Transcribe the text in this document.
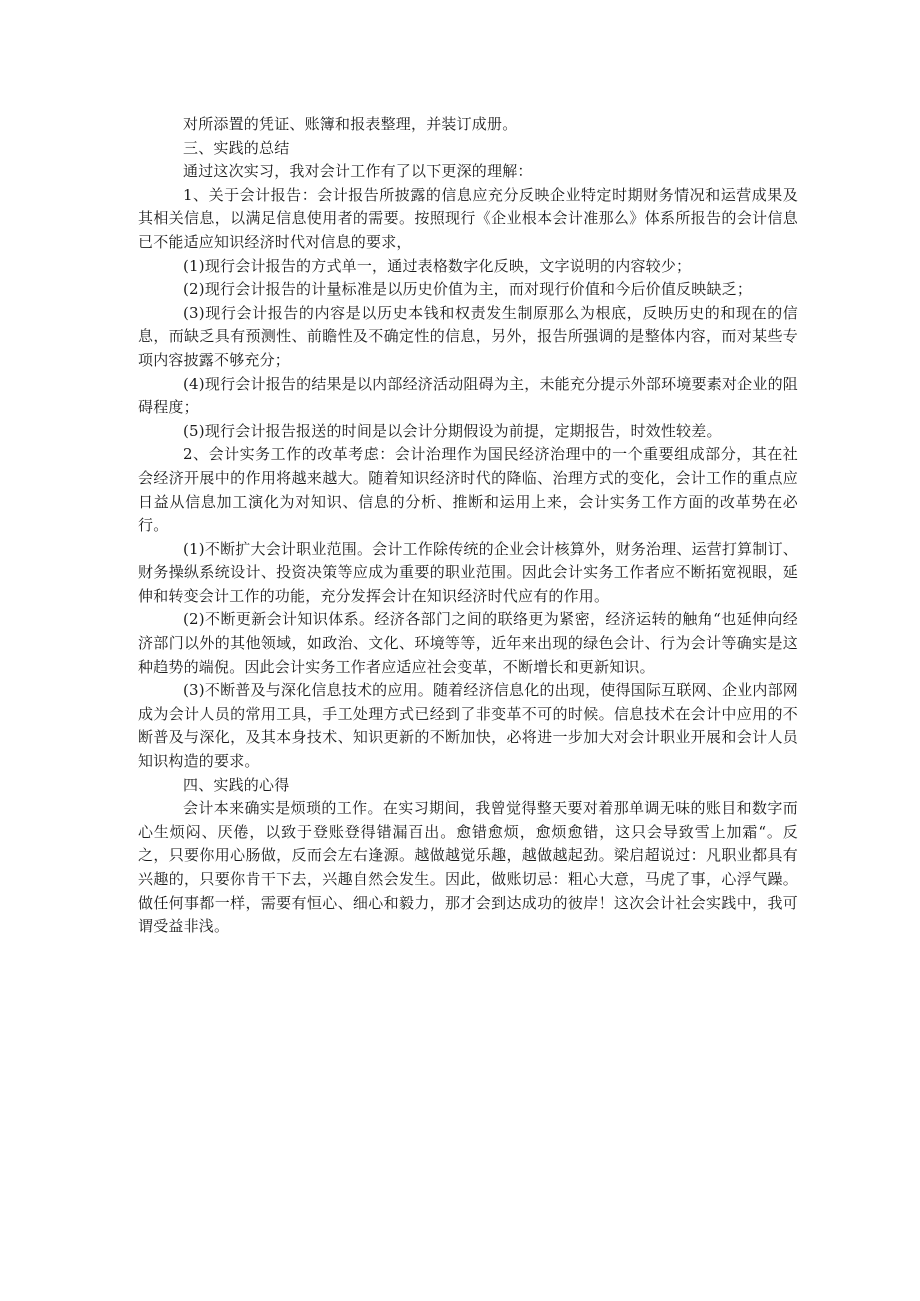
对所添置的凭证、账簿和报表整理，并装订成册。

三、实践的总结

通过这次实习，我对会计工作有了以下更深的理解：

1、关于会计报告：会计报告所披露的信息应充分反映企业特定时期财务情况和运营成果及其相关信息，以满足信息使用者的需要。按照现行《企业根本会计准那么》体系所报告的会计信息已不能适应知识经济时代对信息的要求，

(1)现行会计报告的方式单一，通过表格数字化反映，文字说明的内容较少；

(2)现行会计报告的计量标准是以历史价值为主，而对现行价值和今后价值反映缺乏；

(3)现行会计报告的内容是以历史本钱和权责发生制原那么为根底，反映历史的和现在的信息，而缺乏具有预测性、前瞻性及不确定性的信息，另外，报告所强调的是整体内容，而对某些专项内容披露不够充分；

(4)现行会计报告的结果是以内部经济活动阻碍为主，未能充分提示外部环境要素对企业的阻碍程度；

(5)现行会计报告报送的时间是以会计分期假设为前提，定期报告，时效性较差。

2、会计实务工作的改革考虑：会计治理作为国民经济治理中的一个重要组成部分，其在社会经济开展中的作用将越来越大。随着知识经济时代的降临、治理方式的变化，会计工作的重点应日益从信息加工演化为对知识、信息的分析、推断和运用上来，会计实务工作方面的改革势在必行。

(1)不断扩大会计职业范围。会计工作除传统的企业会计核算外，财务治理、运营打算制订、财务操纵系统设计、投资决策等应成为重要的职业范围。因此会计实务工作者应不断拓宽视眼，延伸和转变会计工作的功能，充分发挥会计在知识经济时代应有的作用。

(2)不断更新会计知识体系。经济各部门之间的联络更为紧密，经济运转的触角“也延伸向经济部门以外的其他领域，如政治、文化、环境等等，近年来出现的绿色会计、行为会计等确实是这种趋势的端倪。因此会计实务工作者应适应社会变革，不断增长和更新知识。

(3)不断普及与深化信息技术的应用。随着经济信息化的出现，使得国际互联网、企业内部网成为会计人员的常用工具，手工处理方式已经到了非变革不可的时候。信息技术在会计中应用的不断普及与深化，及其本身技术、知识更新的不断加快，必将进一步加大对会计职业开展和会计人员知识构造的要求。

四、实践的心得

会计本来确实是烦琐的工作。在实习期间，我曾觉得整天要对着那单调无味的账目和数字而心生烦闷、厌倦，以致于登账登得错漏百出。愈错愈烦，愈烦愈错，这只会导致雪上加霜“。反之，只要你用心肠做，反而会左右逢源。越做越觉乐趣，越做越起劲。梁启超说过：凡职业都具有兴趣的，只要你肯干下去，兴趣自然会发生。因此，做账切忌：粗心大意，马虎了事，心浮气躁。做任何事都一样，需要有恒心、细心和毅力，那才会到达成功的彼岸！这次会计社会实践中，我可谓受益非浅。
